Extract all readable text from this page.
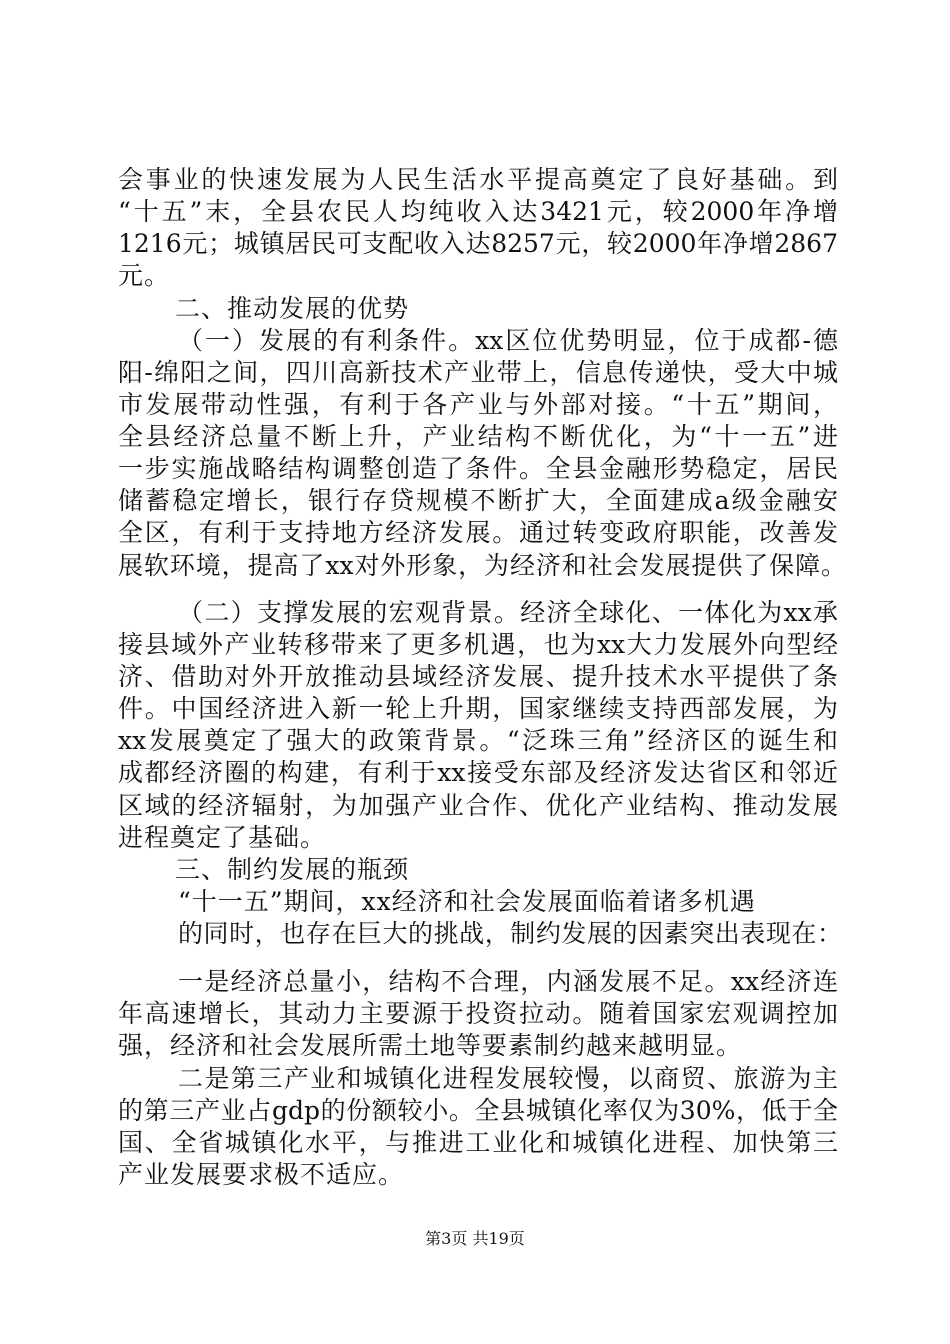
会事业的快速发展为人民生活水平提高奠定了良好基础。到
“十五”末，全县农民人均纯收入达3421元，较2000年净增
1216元；城镇居民可支配收入达8257元，较2000年净增2867
元。
二、推动发展的优势
（一）发展的有利条件。xx区位优势明显，位于成都-德
阳-绵阳之间，四川高新技术产业带上，信息传递快，受大中城
市发展带动性强，有利于各产业与外部对接。“十五”期间，
全县经济总量不断上升，产业结构不断优化，为“十一五”进
一步实施战略结构调整创造了条件。全县金融形势稳定，居民
储蓄稳定增长，银行存贷规模不断扩大，全面建成a级金融安
全区，有利于支持地方经济发展。通过转变政府职能，改善发
展软环境，提高了xx对外形象，为经济和社会发展提供了保障。
（二）支撑发展的宏观背景。经济全球化、一体化为xx承
接县域外产业转移带来了更多机遇，也为xx大力发展外向型经
济、借助对外开放推动县域经济发展、提升技术水平提供了条
件。中国经济进入新一轮上升期，国家继续支持西部发展，为
xx发展奠定了强大的政策背景。“泛珠三角”经济区的诞生和
成都经济圈的构建，有利于xx接受东部及经济发达省区和邻近
区域的经济辐射，为加强产业合作、优化产业结构、推动发展
进程奠定了基础。
三、制约发展的瓶颈
“十一五”期间，xx经济和社会发展面临着诸多机遇
的同时，也存在巨大的挑战，制约发展的因素突出表现在：
一是经济总量小，结构不合理，内涵发展不足。xx经济连
年高速增长，其动力主要源于投资拉动。随着国家宏观调控加
强，经济和社会发展所需土地等要素制约越来越明显。
二是第三产业和城镇化进程发展较慢，以商贸、旅游为主
的第三产业占gdp的份额较小。全县城镇化率仅为30%，低于全
国、全省城镇化水平，与推进工业化和城镇化进程、加快第三
产业发展要求极不适应。
第3页 共19页
